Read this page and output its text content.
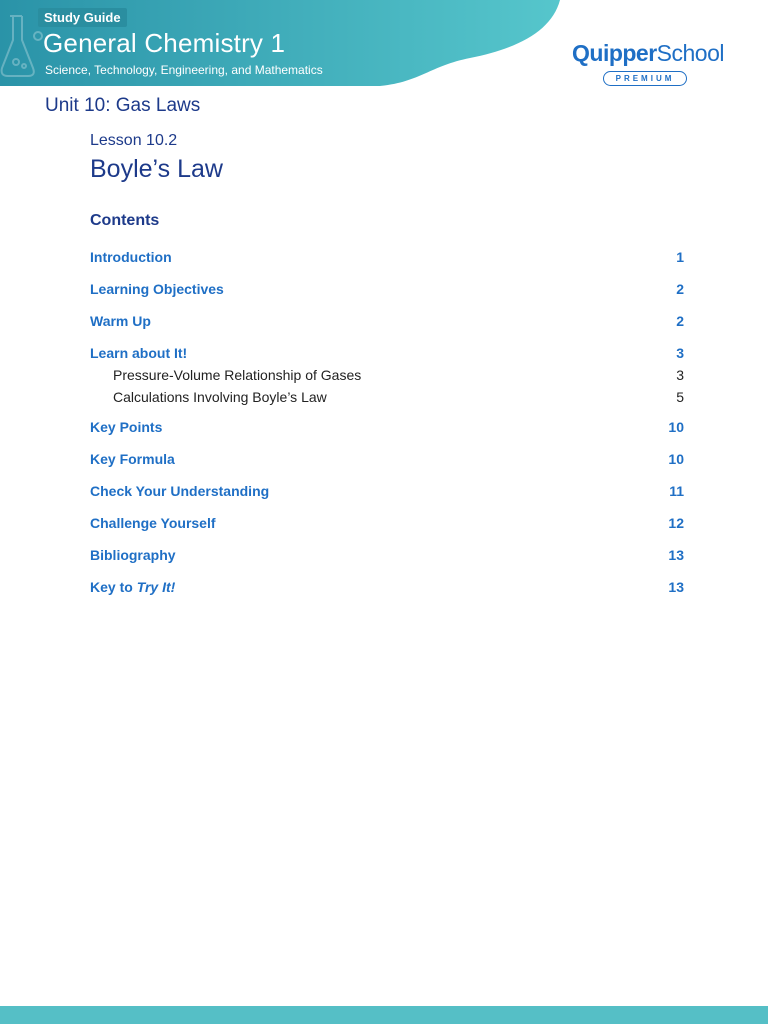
Study Guide
General Chemistry 1
Science, Technology, Engineering, and Mathematics
QuipperSchool
PREMIUM
Unit 10: Gas Laws
Lesson 10.2
Boyle’s Law
Contents
Introduction	1
Learning Objectives	2
Warm Up	2
Learn about It!	3
Pressure-Volume Relationship of Gases	3
Calculations Involving Boyle’s Law	5
Key Points	10
Key Formula	10
Check Your Understanding	11
Challenge Yourself	12
Bibliography	13
Key to Try It!	13
